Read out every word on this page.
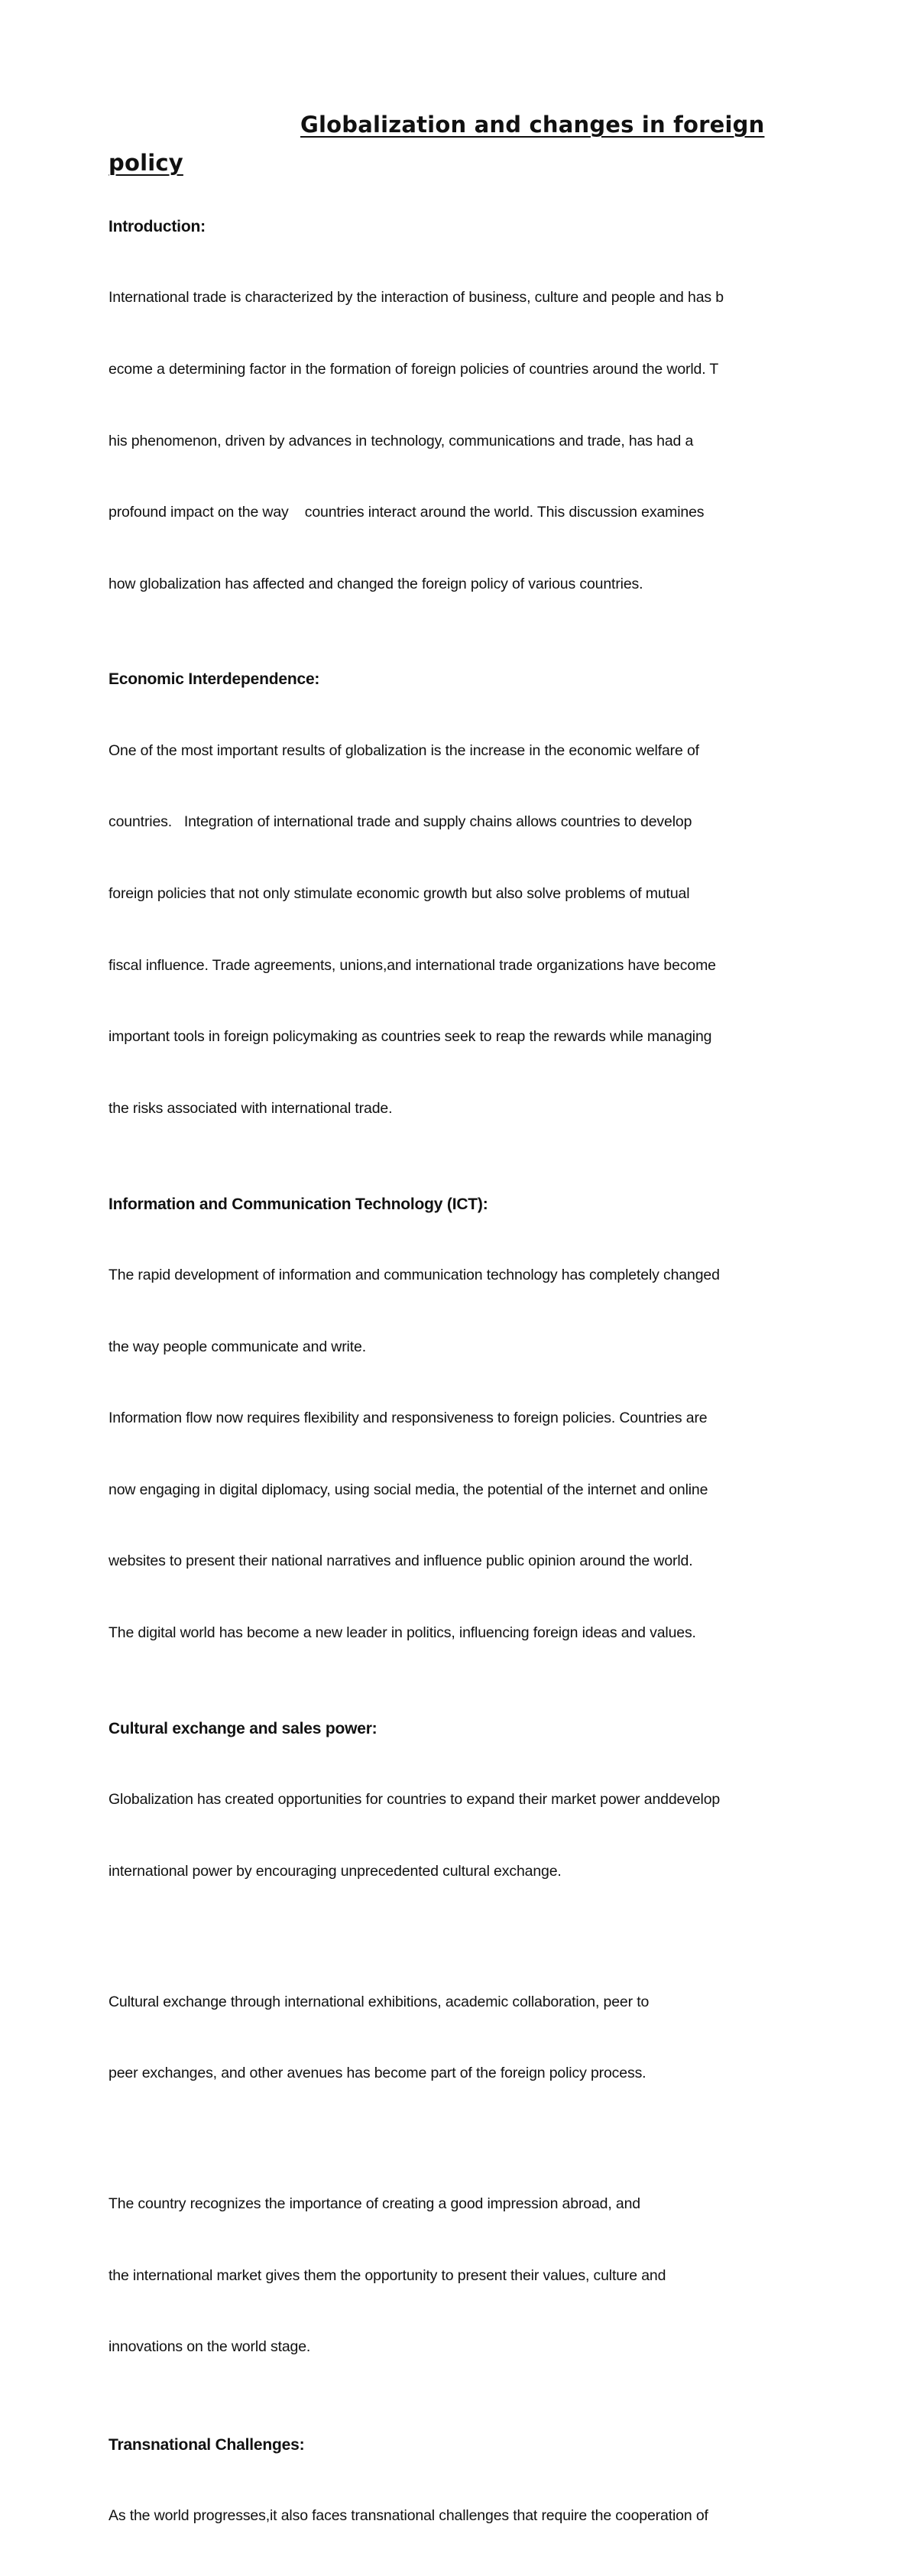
Globalization and changes in foreign policy
Introduction:

International trade is characterized by the interaction of business, culture and people and has b

ecome a determining factor in the formation of foreign policies of countries around the world. T

his phenomenon, driven by advances in technology, communications and trade, has had a

profound impact on the way    countries interact around the world. This discussion examines

how globalization has affected and changed the foreign policy of various countries.

Economic Interdependence:

One of the most important results of globalization is the increase in the economic welfare of

countries.   Integration of international trade and supply chains allows countries to develop

foreign policies that not only stimulate economic growth but also solve problems of mutual

fiscal influence. Trade agreements, unions,and international trade organizations have become

important tools in foreign policymaking as countries seek to reap the rewards while managing

the risks associated with international trade.

Information and Communication Technology (ICT):

The rapid development of information and communication technology has completely changed

the way people communicate and write.

Information flow now requires flexibility and responsiveness to foreign policies. Countries are

now engaging in digital diplomacy, using social media, the potential of the internet and online

websites to present their national narratives and influence public opinion around the world.

The digital world has become a new leader in politics, influencing foreign ideas and values.

Cultural exchange and sales power:

Globalization has created opportunities for countries to expand their market power anddevelop

international power by encouraging unprecedented cultural exchange.

Cultural exchange through international exhibitions, academic collaboration, peer to

peer exchanges, and other avenues has become part of the foreign policy process.

The country recognizes the importance of creating a good impression abroad, and

the international market gives them the opportunity to present their values, culture and

innovations on the world stage.

Transnational Challenges:

As the world progresses,it also faces transnational challenges that require the cooperation of
